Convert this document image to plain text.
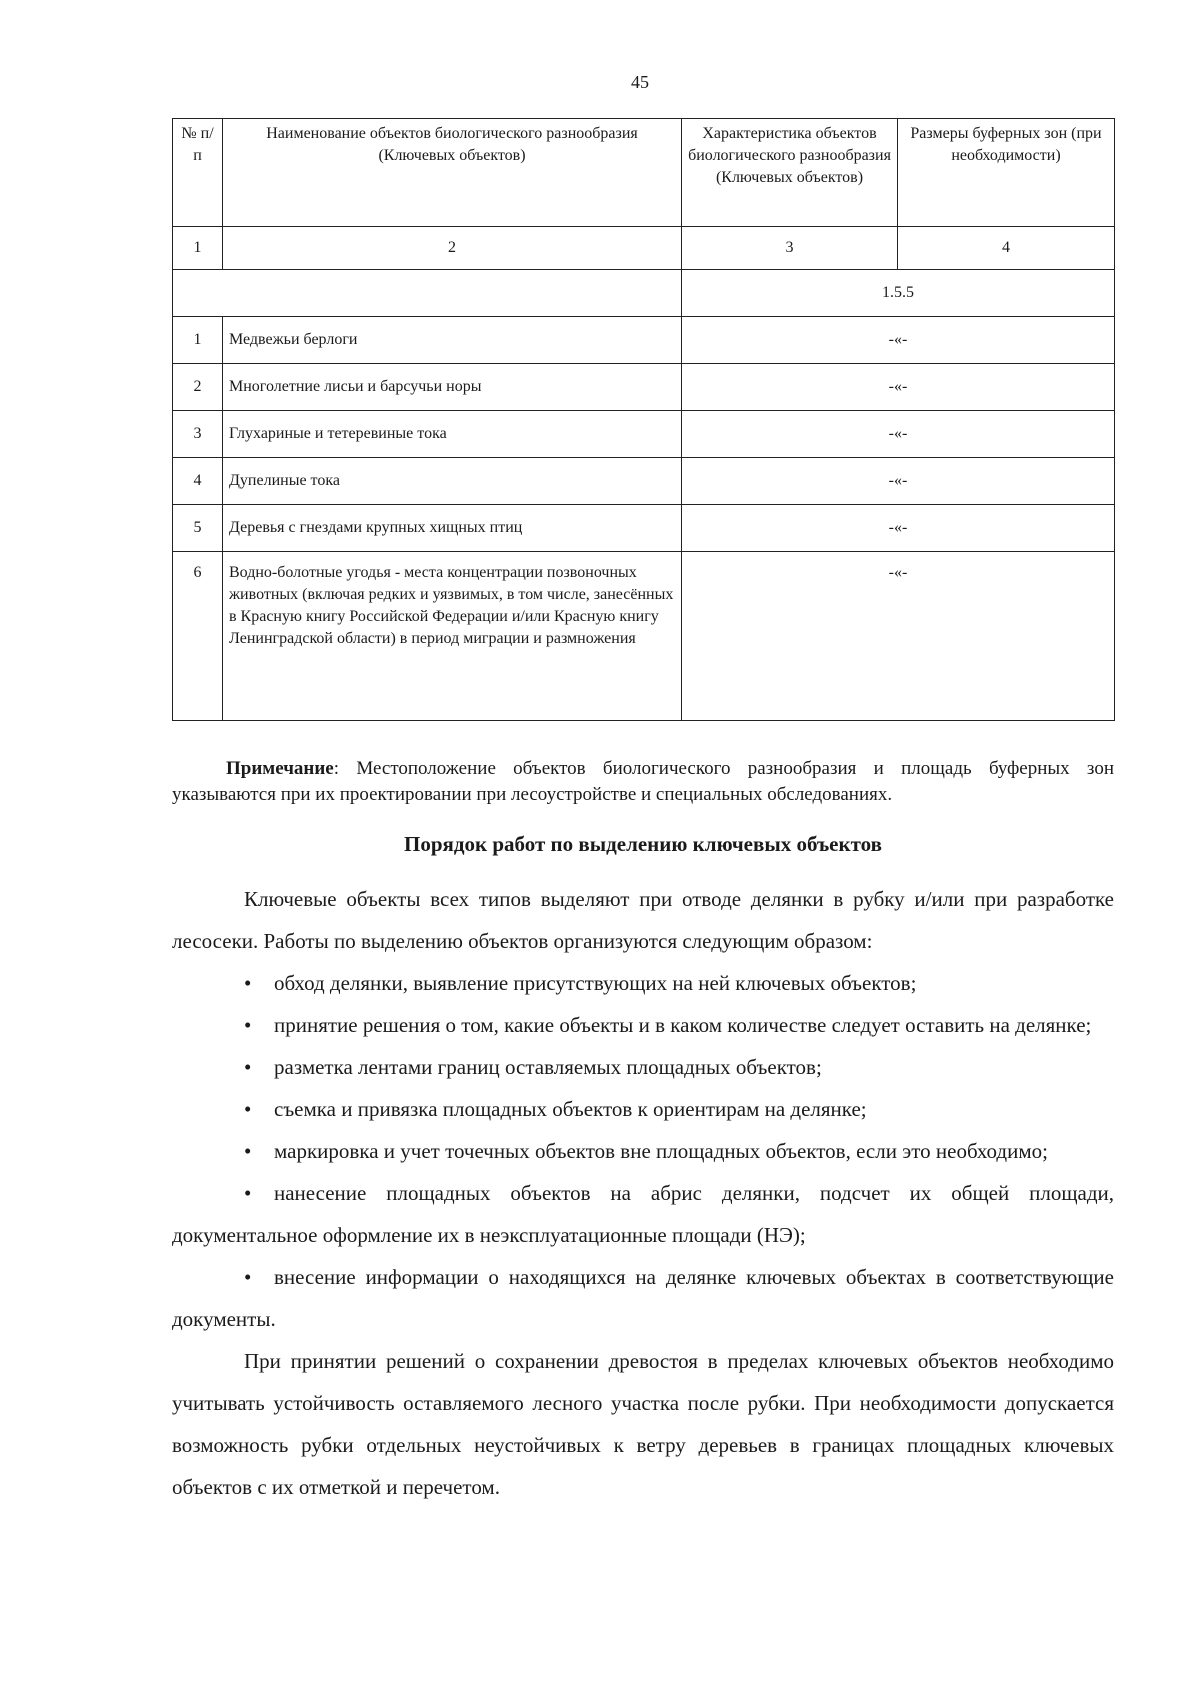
45
№ п/п	Наименование объектов биологического разнообразия (Ключевых объектов)	Характеристика объектов биологического разнообразия (Ключевых объектов)	Размеры буферных зон (при необходимости)
1	2	3	4
		1.5.5	
1	Медвежьи берлоги	-«-	
2	Многолетние лисьи и барсучьи норы	-«-	
3	Глухариные и тетеревиные тока	-«-	
4	Дупелиные тока	-«-	
5	Деревья с гнездами крупных хищных птиц	-«-	
6	Водно-болотные угодья - места концентрации позвоночных животных (включая редких и уязвимых, в том числе, занесённых в Красную книгу Российской Федерации и/или Красную книгу Ленинградской области) в период миграции и размножения	-«-	
Примечание: Местоположение объектов биологического разнообразия и площадь буферных зон указываются при их проектировании при лесоустройстве и специальных обследованиях.
Порядок работ по выделению ключевых объектов

Ключевые объекты всех типов выделяют при отводе делянки в рубку и/или при разработке лесосеки. Работы по выделению объектов организуются следующим образом:

• обход делянки, выявление присутствующих на ней ключевых объектов;
• принятие решения о том, какие объекты и в каком количестве следует оставить на делянке;
• разметка лентами границ оставляемых площадных объектов;
• съемка и привязка площадных объектов к ориентирам на делянке;
• маркировка и учет точечных объектов вне площадных объектов, если это необходимо;
• нанесение площадных объектов на абрис делянки, подсчет их общей площади, документальное оформление их в неэксплуатационные площади (НЭ);
• внесение информации о находящихся на делянке ключевых объектах в соответствующие документы.

При принятии решений о сохранении древостоя в пределах ключевых объектов необходимо учитывать устойчивость оставляемого лесного участка после рубки. При необходимости допускается возможность рубки отдельных неустойчивых к ветру деревьев в границах площадных ключевых объектов с их отметкой и перечетом.
